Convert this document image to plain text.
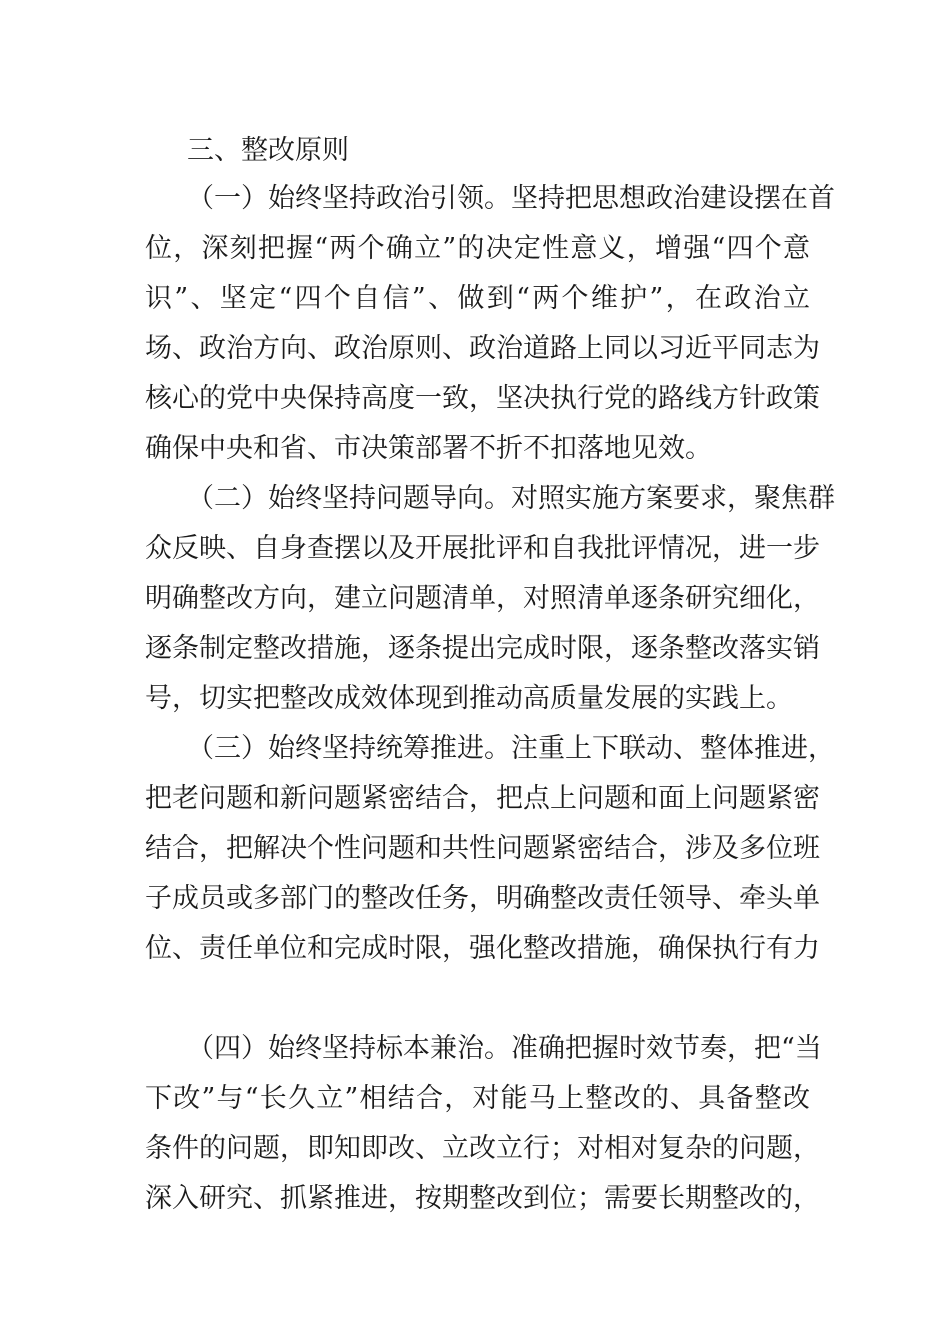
三、整改原则
（一）始终坚持政治引领。坚持把思想政治建设摆在首
位，深刻把握“两个确立”的决定性意义，增强“四个意
识”、坚定“四个自信”、做到“两个维护”，在政治立
场、政治方向、政治原则、政治道路上同以习近平同志为
核心的党中央保持高度一致，坚决执行党的路线方针政策
确保中央和省、市决策部署不折不扣落地见效。
（二）始终坚持问题导向。对照实施方案要求，聚焦群
众反映、自身查摆以及开展批评和自我批评情况，进一步
明确整改方向，建立问题清单，对照清单逐条研究细化，
逐条制定整改措施，逐条提出完成时限，逐条整改落实销
号，切实把整改成效体现到推动高质量发展的实践上。
（三）始终坚持统筹推进。注重上下联动、整体推进，
把老问题和新问题紧密结合，把点上问题和面上问题紧密
结合，把解决个性问题和共性问题紧密结合，涉及多位班
子成员或多部门的整改任务，明确整改责任领导、牵头单
位、责任单位和完成时限，强化整改措施，确保执行有力
（四）始终坚持标本兼治。准确把握时效节奏，把“当
下改”与“长久立”相结合，对能马上整改的、具备整改
条件的问题，即知即改、立改立行；对相对复杂的问题，
深入研究、抓紧推进，按期整改到位；需要长期整改的，
